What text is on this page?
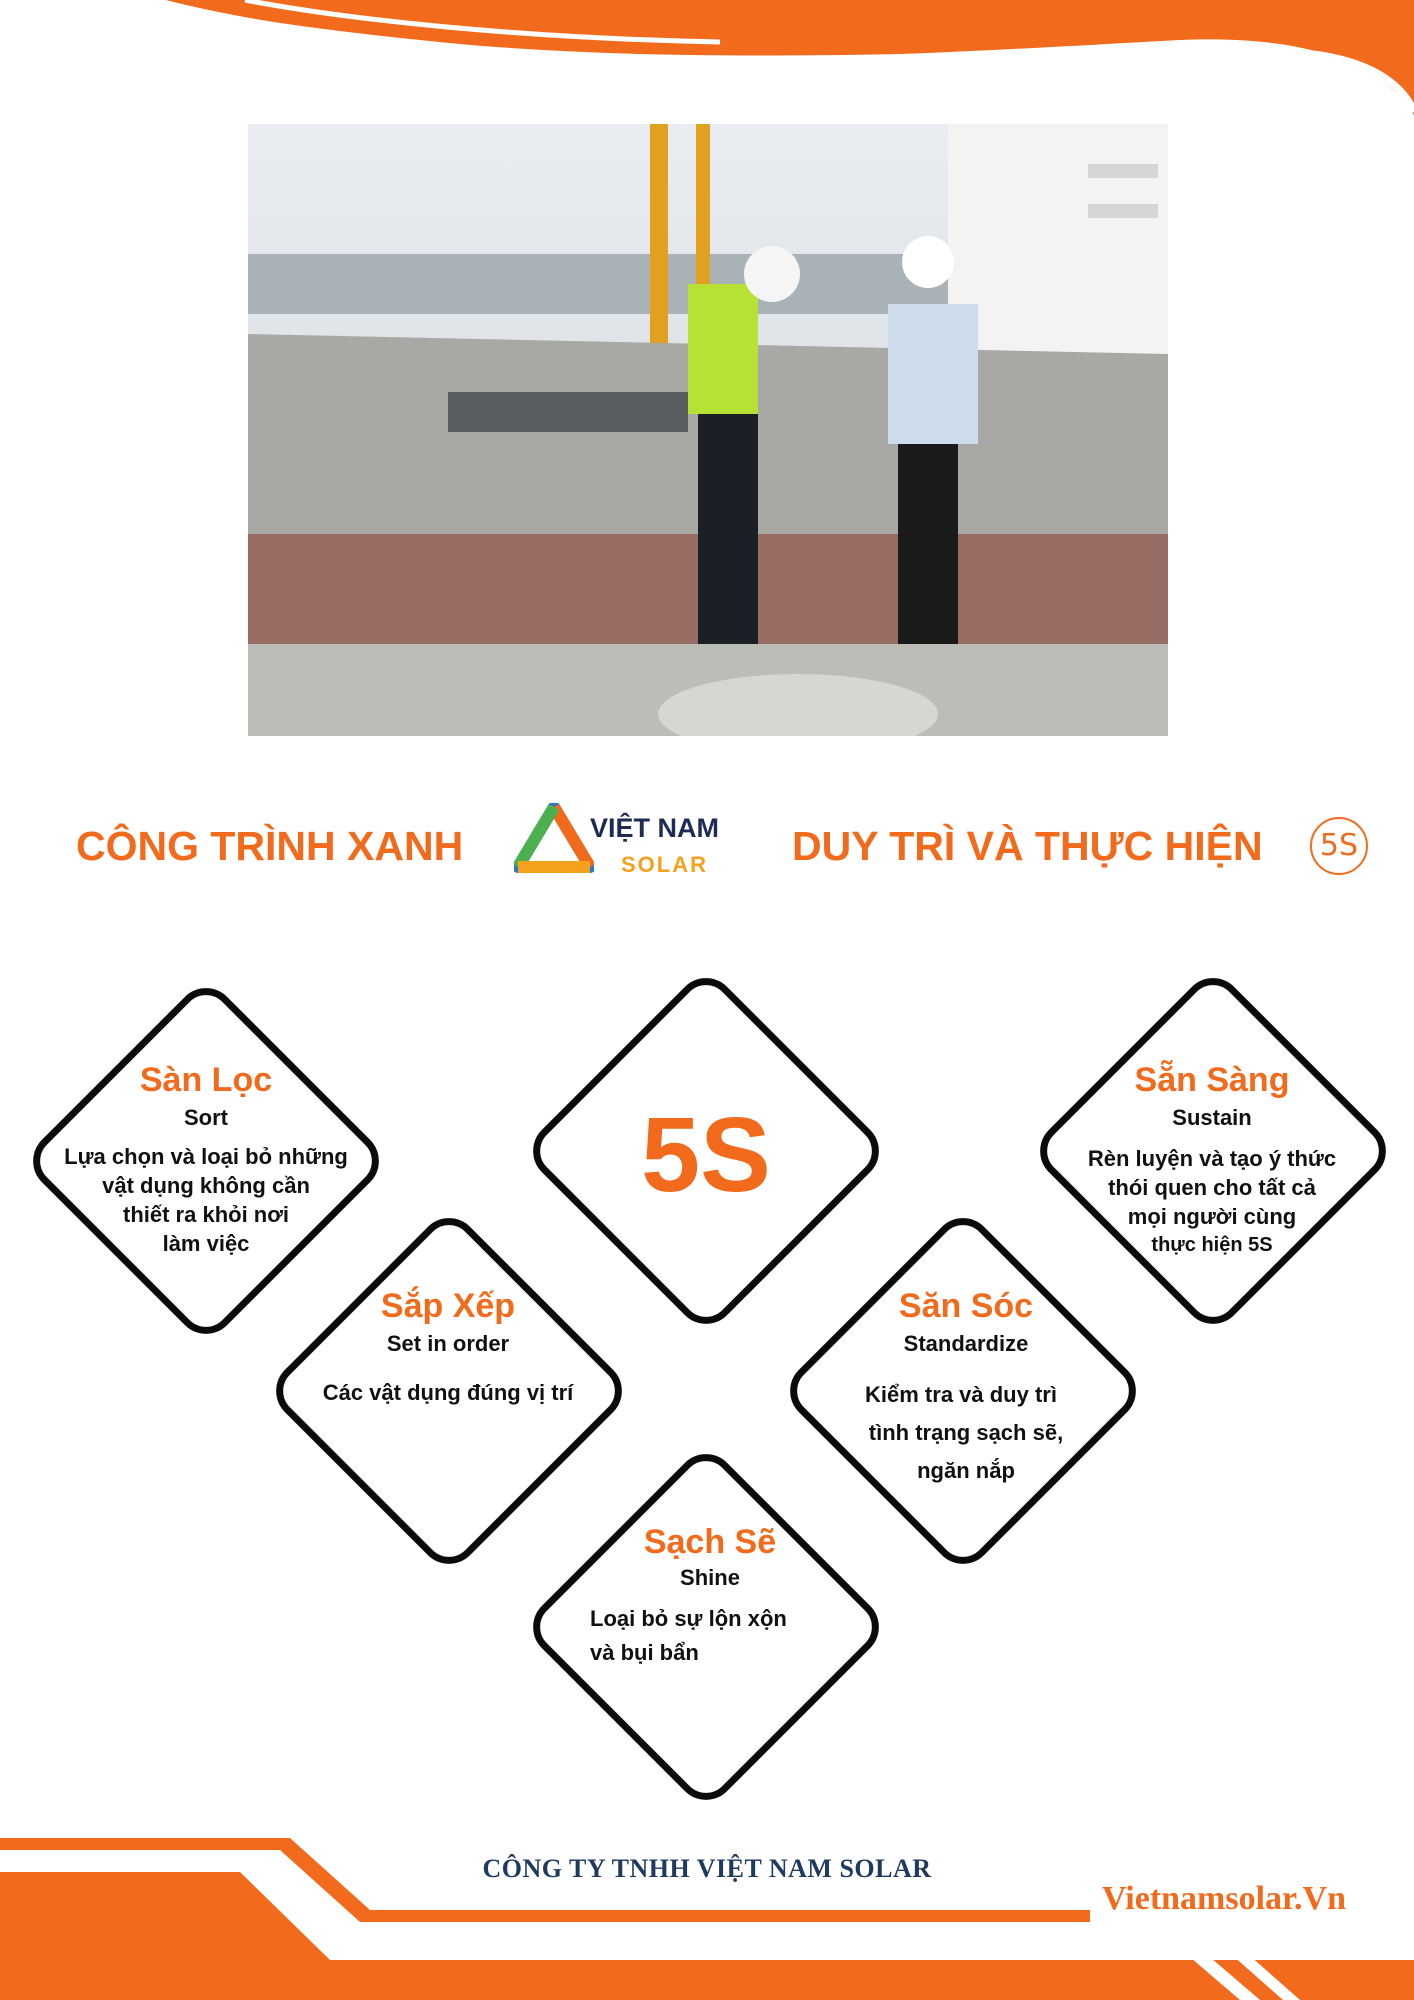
CÔNG TRÌNH XANH	DUY TRÌ VÀ THỰC HIỆN	5S
VIỆT NAM
SOLAR
5S
Sàn Lọc
Sort
Lựa chọn và loại bỏ những
vật dụng không cần
thiết ra khỏi nơi
làm việc
Sẵn Sàng
Sustain
Rèn luyện và tạo ý thức
thói quen cho tất cả
mọi người cùng
thực hiện 5S
Sắp Xếp
Set in order
Các vật dụng đúng vị trí
Săn Sóc
Standardize
Kiểm tra và duy trì
tình trạng sạch sẽ,
ngăn nắp
Sạch Sẽ
Shine
Loại bỏ sự lộn xộn
và bụi bẩn
CÔNG TY TNHH VIỆT NAM SOLAR
Vietnamsolar.Vn
